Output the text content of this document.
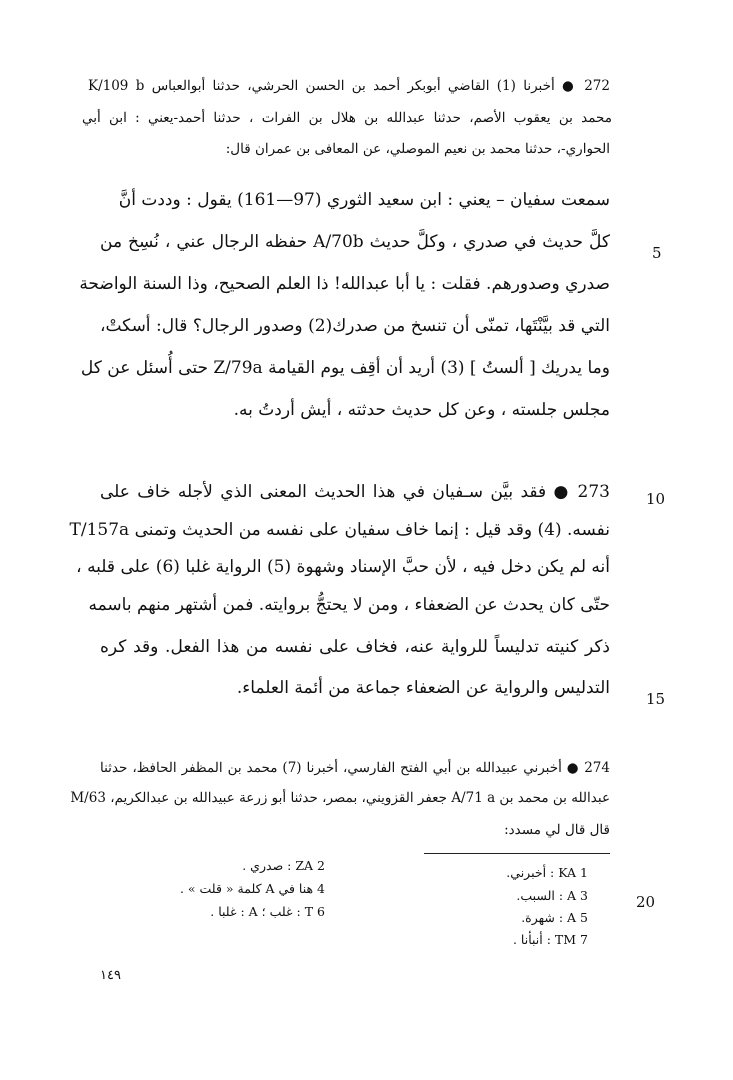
272 ● أخبرنا (1) القاضي أبوبكر أحمد بن الحسن الحرشي، حدثنا أبوالعباس K/109 b
محمد بن يعقوب الأصم، حدثنا عبدالله بن هلال بن الفرات ، حدثنا أحمد-يعني : ابن أبي
الحواري-، حدثنا محمد بن نعيم الموصلي، عن المعافى بن عمران قال:
سمعت سفيان – يعني : ابن سعيد الثوري (97—161) يقول : وددت أنَّ
كلَّ حديث في صدري ، وكلَّ حديث A/70b حفظه الرجال عني ، نُسِخ من
صدري وصدورهم. فقلت : يا أبا عبدالله! ذا العلم الصحيح، وذا السنة الواضحة
التي قد بيَّنْتَها، تمنّى أن تنسخ من صدرك(2) وصدور الرجال؟ قال: أسكتْ،
وما يدريك [ ألستُ ] (3) أريد أن أقِف يوم القيامة Z/79a حتى أُسئل عن كل
مجلس جلسته ، وعن كل حديث حدثته ، أيش أردتُ به.
5
273 ● فقد بيَّن سـفيان في هذا الحديث المعنى الذي لأجله خاف على
نفسه. (4) وقد قيل : إنما خاف سفيان على نفسه من الحديث وتمنى T/157a
أنه لم يكن دخل فيه ، لأن حبَّ الإسناد وشهوة (5) الرواية غلبا (6) على قلبه ،
حتّى كان يحدث عن الضعفاء ، ومن لا يحتجُّ بروايته. فمن أشتهر منهم باسمه
ذكر كنيته تدليساً للرواية عنه، فخاف على نفسه من هذا الفعل. وقد كره
التدليس والرواية عن الضعفاء جماعة من أئمة العلماء.
10
15
274 ● أخبرني عبيدالله بن أبي الفتح الفارسي، أخبرنا (7) محمد بن المظفر الحافظ، حدثنا
عبدالله بن محمد بن A/71 a جعفر القزويني، بمصر، حدثنا أبو زرعة عبيدالله بن عبدالكريم، M/63
قال قال لي مسدد:
20
1 KA : أخبرني.
3 A : السبب.
5 A : شهرة.
7 TM : أنبأنا .
2 ZA : صدري .
4 هنا في A كلمة « قلت » .
6 T : غلب ؛ A : غلبا .
١٤٩
